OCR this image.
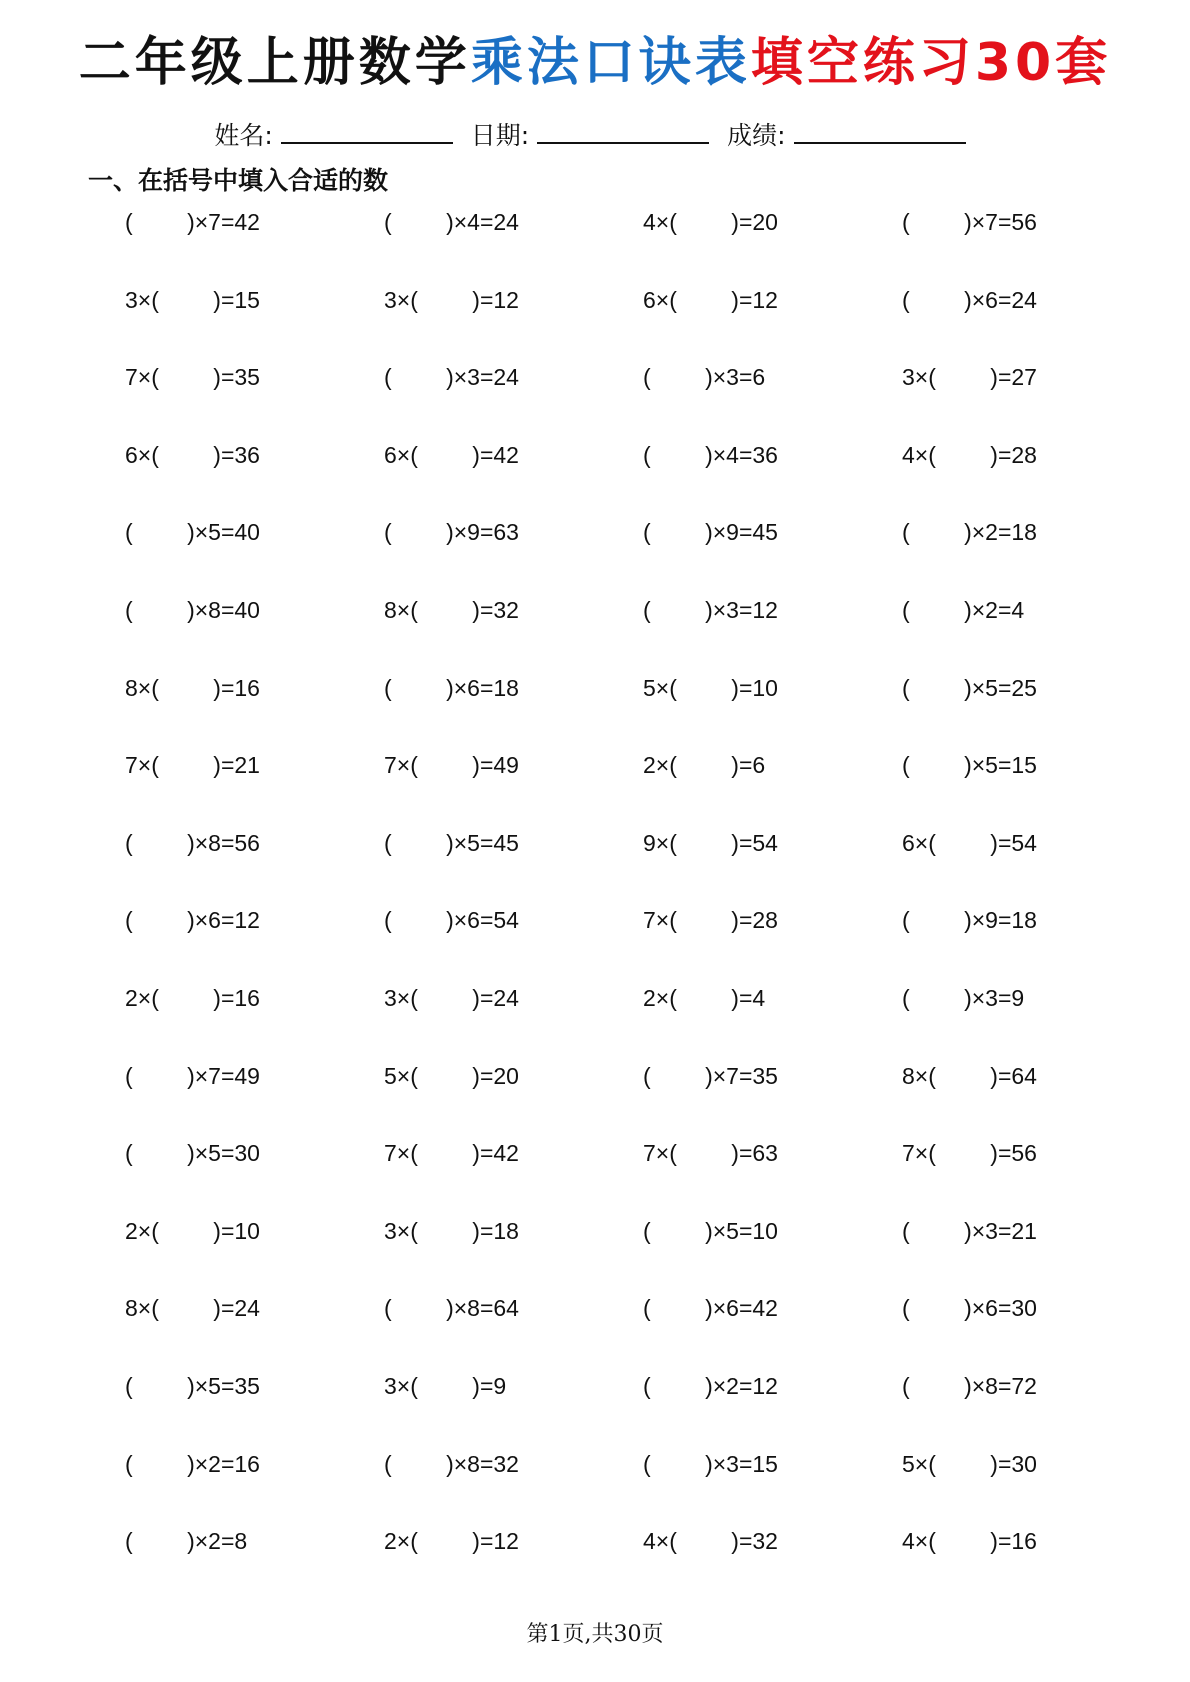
二年级上册数学乘法口诀表填空练习30套
姓名:	日期:	成绩:
一、在括号中填入合适的数
( )×7=42	( )×4=24	4×( )=20	( )×7=56
3×( )=15	3×( )=12	6×( )=12	( )×6=24
7×( )=35	( )×3=24	( )×3=6	3×( )=27
6×( )=36	6×( )=42	( )×4=36	4×( )=28
( )×5=40	( )×9=63	( )×9=45	( )×2=18
( )×8=40	8×( )=32	( )×3=12	( )×2=4
8×( )=16	( )×6=18	5×( )=10	( )×5=25
7×( )=21	7×( )=49	2×( )=6	( )×5=15
( )×8=56	( )×5=45	9×( )=54	6×( )=54
( )×6=12	( )×6=54	7×( )=28	( )×9=18
2×( )=16	3×( )=24	2×( )=4	( )×3=9
( )×7=49	5×( )=20	( )×7=35	8×( )=64
( )×5=30	7×( )=42	7×( )=63	7×( )=56
2×( )=10	3×( )=18	( )×5=10	( )×3=21
8×( )=24	( )×8=64	( )×6=42	( )×6=30
( )×5=35	3×( )=9	( )×2=12	( )×8=72
( )×2=16	( )×8=32	( )×3=15	5×( )=30
( )×2=8	2×( )=12	4×( )=32	4×( )=16
第1页,共30页
